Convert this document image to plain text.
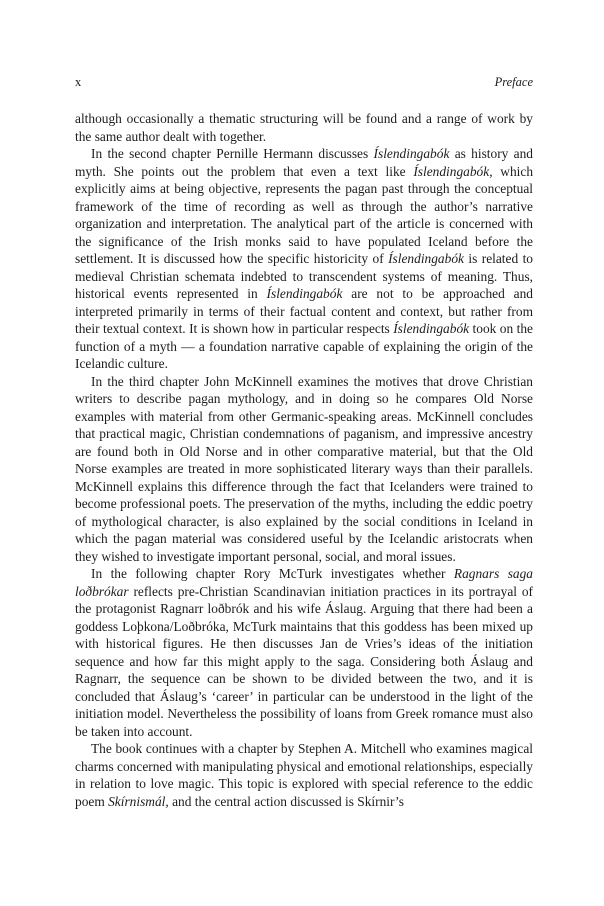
x	Preface

although occasionally a thematic structuring will be found and a range of work by the same author dealt with together.

In the second chapter Pernille Hermann discusses Íslendingabók as history and myth. She points out the problem that even a text like Íslendingabók, which explicitly aims at being objective, represents the pagan past through the conceptual framework of the time of recording as well as through the author’s narrative organization and interpretation. The analytical part of the article is concerned with the significance of the Irish monks said to have populated Iceland before the settlement. It is discussed how the specific historicity of Íslendingabók is related to medieval Christian schemata indebted to transcendent systems of meaning. Thus, historical events represented in Íslendingabók are not to be approached and interpreted primarily in terms of their factual content and context, but rather from their textual context. It is shown how in particular respects Íslendingabók took on the function of a myth — a foundation narrative capable of explaining the origin of the Icelandic culture.

In the third chapter John McKinnell examines the motives that drove Christian writers to describe pagan mythology, and in doing so he compares Old Norse examples with material from other Germanic-speaking areas. McKinnell concludes that practical magic, Christian condemnations of paganism, and impressive ancestry are found both in Old Norse and in other comparative material, but that the Old Norse examples are treated in more sophisticated literary ways than their parallels. McKinnell explains this difference through the fact that Icelanders were trained to become professional poets. The preservation of the myths, including the eddic poetry of mythological character, is also explained by the social conditions in Iceland in which the pagan material was considered useful by the Icelandic aristocrats when they wished to investigate important personal, social, and moral issues.

In the following chapter Rory McTurk investigates whether Ragnars saga loðbrókar reflects pre-Christian Scandinavian initiation practices in its portrayal of the protagonist Ragnarr loðbrók and his wife Áslaug. Arguing that there had been a goddess Loþkona/Loðbróka, McTurk maintains that this goddess has been mixed up with historical figures. He then discusses Jan de Vries’s ideas of the initiation sequence and how far this might apply to the saga. Considering both Áslaug and Ragnarr, the sequence can be shown to be divided between the two, and it is concluded that Áslaug’s ‘career’ in particular can be understood in the light of the initiation model. Nevertheless the possibility of loans from Greek romance must also be taken into account.

The book continues with a chapter by Stephen A. Mitchell who examines magical charms concerned with manipulating physical and emotional relationships, especially in relation to love magic. This topic is explored with special reference to the eddic poem Skírnismál, and the central action discussed is Skírnir’s
